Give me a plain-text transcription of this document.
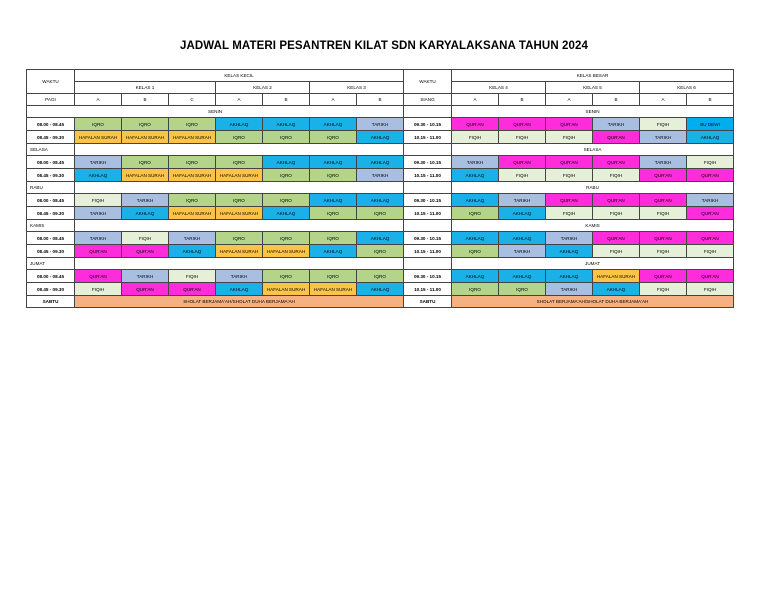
JADWAL MATERI PESANTREN KILAT SDN KARYALAKSANA TAHUN 2024
WAKTU	KELAS KECIL						
	KELAS 1			KELAS 2		KELAS 3	
PAGI	A	B	C	A	B	A	B
SENIN							
08.00 - 08.45	IQRO	IQRO	IQRO	AKHLAQ	AKHLAQ	AKHLAQ	TARIKH
08.45 - 09.30	HAFALAN SURAH	HAFALAN SURAH	HAFALAN SURAH	IQRO	IQRO	IQRO	AKHLAQ
SELASA							
08.00 - 08.45	TARIKH	IQRO	IQRO	IQRO	AKHLAQ	AKHLAQ	AKHLAQ
08.45 - 09.30	AKHLAQ	HAFALAN SURAH	HAFALAN SURAH	HAFALAN SURAH	IQRO	IQRO	TARIKH
RABU							
08.00 - 08.45	FIQIH	TARIKH	IQRO	IQRO	IQRO	AKHLAQ	AKHLAQ
08.45 - 09.30	TARIKH	AKHLAQ	HAFALAN SURAH	HAFALAN SURAH	AKHLAQ	IQRO	IQRO
KAMIS							
08.00 - 08.45	TARIKH	FIQIH	TARIKH	IQRO	IQRO	IQRO	AKHLAQ
08.45 - 09.30	QUR'AN	QUR'AN	AKHLAQ	HAFALAN SURAH	HAFALAN SURAH	AKHLAQ	IQRO
JUMAT							
08.00 - 08.45	QUR'AN	TARIKH	FIQIH	TARIKH	IQRO	IQRO	IQRO
08.45 - 09.30	FIQIH	QUR'AN	QUR'AN	AKHLAQ	HAFALAN SURAH	HAFALAN SURAH	AKHLAQ
SABTU	SHOLAT BERJAMA'AH/SHOLAT DUHA BERJAMA'AH						
WAKTU	KELAS BESAR					
	KELAS 4		KELAS 5		KELAS 6	
SIANG	A	B	A	B	A	B
	SENIN					
09.30 - 10.15	QUR'AN	QUR'AN	QUR'AN	TARIKH	FIQIH	BU DEWI
10.15 - 11.00	FIQIH	FIQIH	FIQIH	QUR'AN	TARIKH	AKHLAQ
	SELASA					
09.30 - 10.15	TARIKH	QUR'AN	QUR'AN	QUR'AN	TARIKH	FIQIH
10.15 - 11.00	AKHLAQ	FIQIH	FIQIH	FIQIH	QUR'AN	QUR'AN
	RABU					
09.30 - 10.15	AKHLAQ	TARIKH	QUR'AN	QUR'AN	QUR'AN	TARIKH
10.15 - 11.00	IQRO	AKHLAQ	FIQIH	FIQIH	FIQIH	QUR'AN
	KAMIS					
09.30 - 10.15	AKHLAQ	AKHLAQ	TARIKH	QUR'AN	QUR'AN	QUR'AN
10.15 - 11.00	IQRO	TARIKH	AKHLAQ	FIQIH	FIQIH	FIQIH
	JUMAT					
09.30 - 10.15	AKHLAQ	AKHLAQ	AKHLAQ	HAFALAN SURAH	QUR'AN	QUR'AN
10.15 - 11.00	IQRO	IQRO	TARIKH	AKHLAQ	FIQIH	FIQIH
SABTU	SHOLAT BERJAMA'AH/SHOLAT DUHA BERJAMA'AH					
